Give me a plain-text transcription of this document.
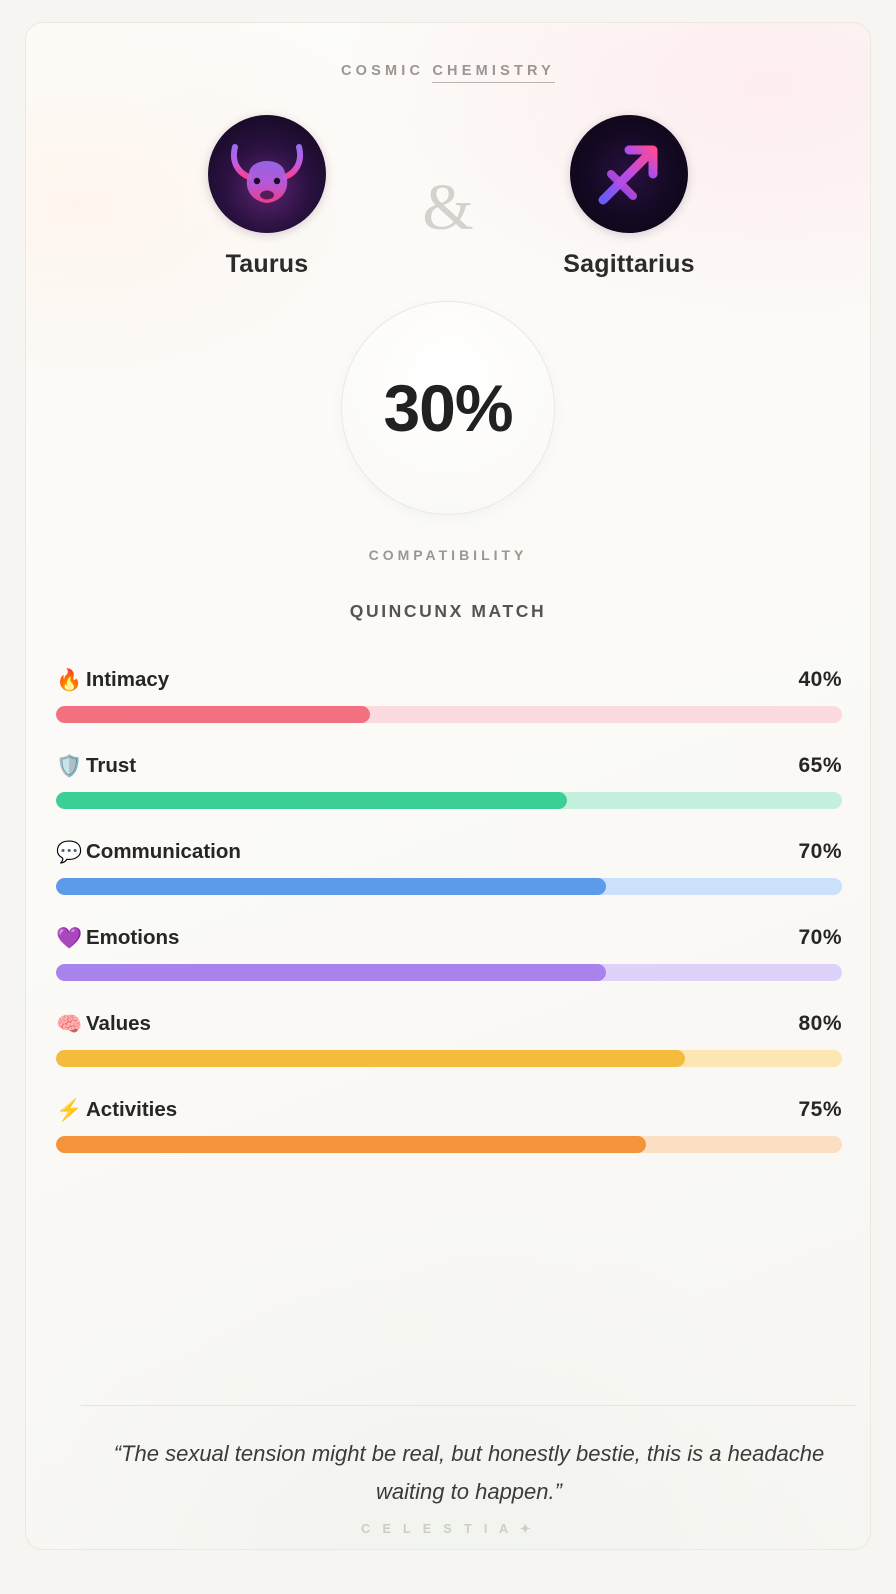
COSMIC CHEMISTRY
Taurus
&
Sagittarius
30%
COMPATIBILITY
QUINCUNX MATCH
🔥 Intimacy	40%
🛡️ Trust	65%
💬 Communication	70%
💜 Emotions	70%
🧠 Values	80%
⚡ Activities	75%
“The sexual tension might be real, but honestly bestie, this is a headache waiting to happen.”
C E L E S T I A ✦
